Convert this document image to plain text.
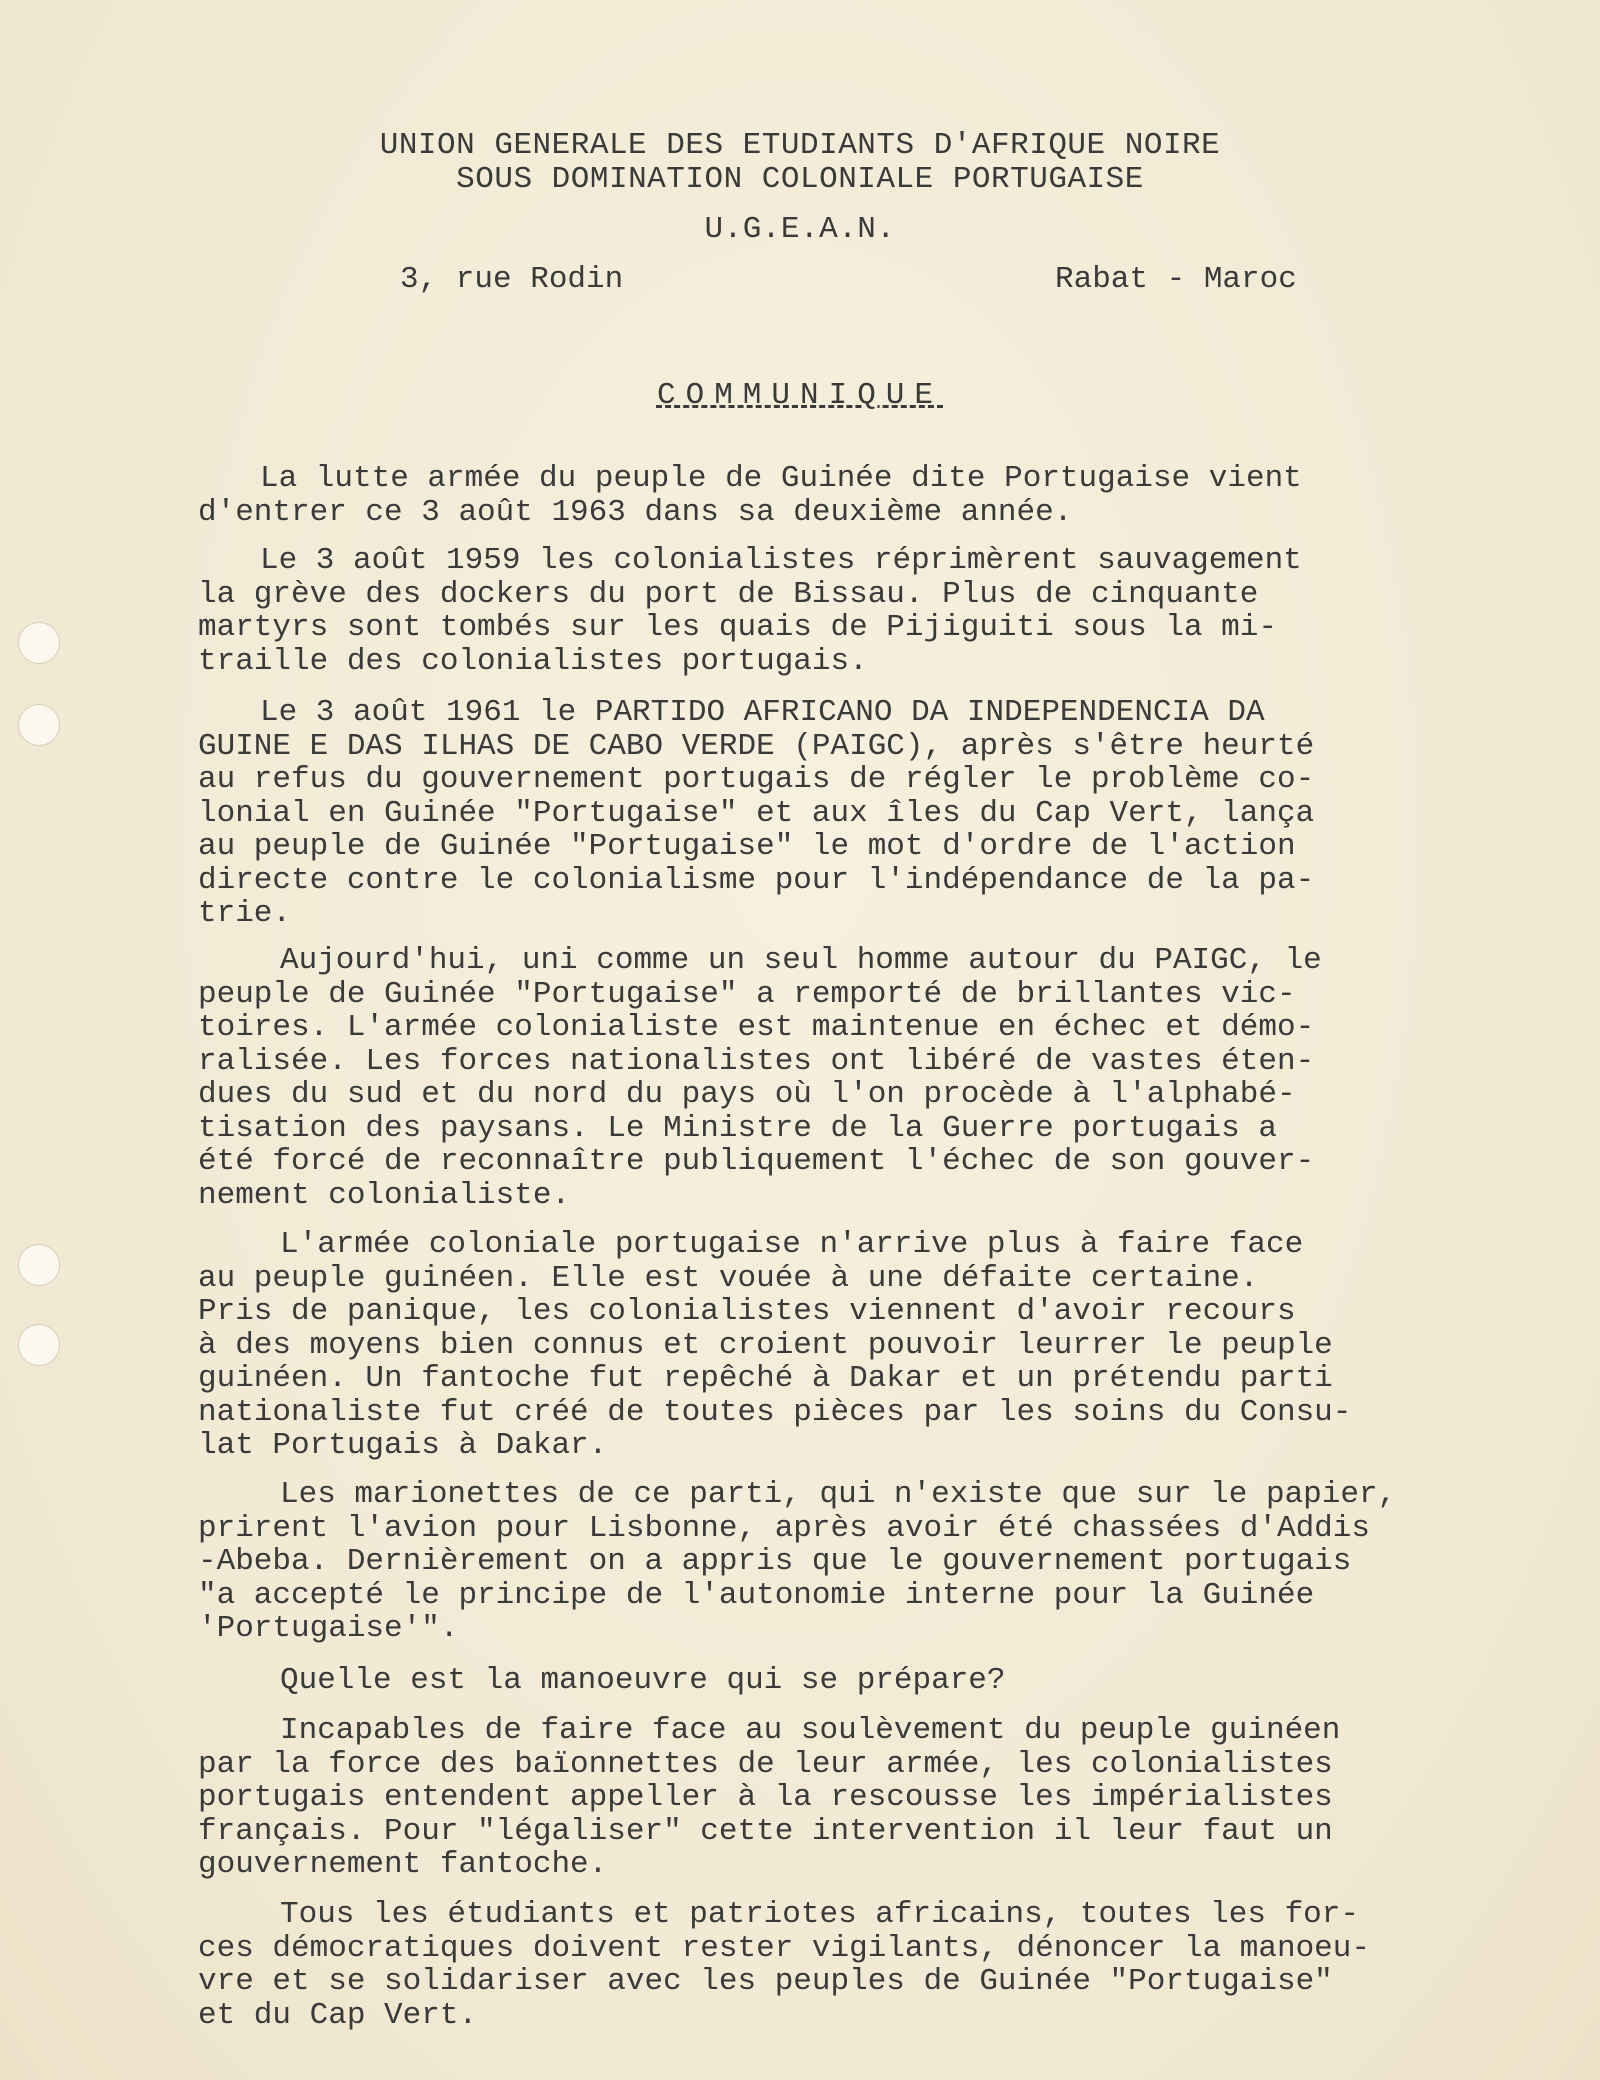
UNION GENERALE DES ETUDIANTS D'AFRIQUE NOIRE
SOUS DOMINATION COLONIALE PORTUGAISE
U.G.E.A.N.
3, rue Rodin	Rabat - Maroc
COMMUNIQUE
La lutte armée du peuple de Guinée dite Portugaise vient
d'entrer ce 3 août 1963 dans sa deuxième année.
Le 3 août 1959 les colonialistes réprimèrent sauvagement
la grève des dockers du port de Bissau. Plus de cinquante
martyrs sont tombés sur les quais de Pijiguiti sous la mi-
traille des colonialistes portugais.
Le 3 août 1961 le PARTIDO AFRICANO DA INDEPENDENCIA DA
GUINE E DAS ILHAS DE CABO VERDE (PAIGC), après s'être heurté
au refus du gouvernement portugais de régler le problème co-
lonial en Guinée "Portugaise" et aux îles du Cap Vert, lança
au peuple de Guinée "Portugaise" le mot d'ordre de l'action
directe contre le colonialisme pour l'indépendance de la pa-
trie.
Aujourd'hui, uni comme un seul homme autour du PAIGC, le
peuple de Guinée "Portugaise" a remporté de brillantes vic-
toires. L'armée colonialiste est maintenue en échec et démo-
ralisée. Les forces nationalistes ont libéré de vastes éten-
dues du sud et du nord du pays où l'on procède à l'alphabé-
tisation des paysans. Le Ministre de la Guerre portugais a
été forcé de reconnaître publiquement l'échec de son gouver-
nement colonialiste.
L'armée coloniale portugaise n'arrive plus à faire face
au peuple guinéen. Elle est vouée à une défaite certaine.
Pris de panique, les colonialistes viennent d'avoir recours
à des moyens bien connus et croient pouvoir leurrer le peuple
guinéen. Un fantoche fut repêché à Dakar et un prétendu parti
nationaliste fut créé de toutes pièces par les soins du Consu-
lat Portugais à Dakar.
Les marionettes de ce parti, qui n'existe que sur le papier,
prirent l'avion pour Lisbonne, après avoir été chassées d'Addis
-Abeba. Dernièrement on a appris que le gouvernement portugais
"a accepté le principe de l'autonomie interne pour la Guinée
'Portugaise'".
Quelle est la manoeuvre qui se prépare?
Incapables de faire face au soulèvement du peuple guinéen
par la force des baïonnettes de leur armée, les colonialistes
portugais entendent appeller à la rescousse les impérialistes
français. Pour "légaliser" cette intervention il leur faut un
gouvernement fantoche.
Tous les étudiants et patriotes africains, toutes les for-
ces démocratiques doivent rester vigilants, dénoncer la manoeu-
vre et se solidariser avec les peuples de Guinée "Portugaise"
et du Cap Vert.
